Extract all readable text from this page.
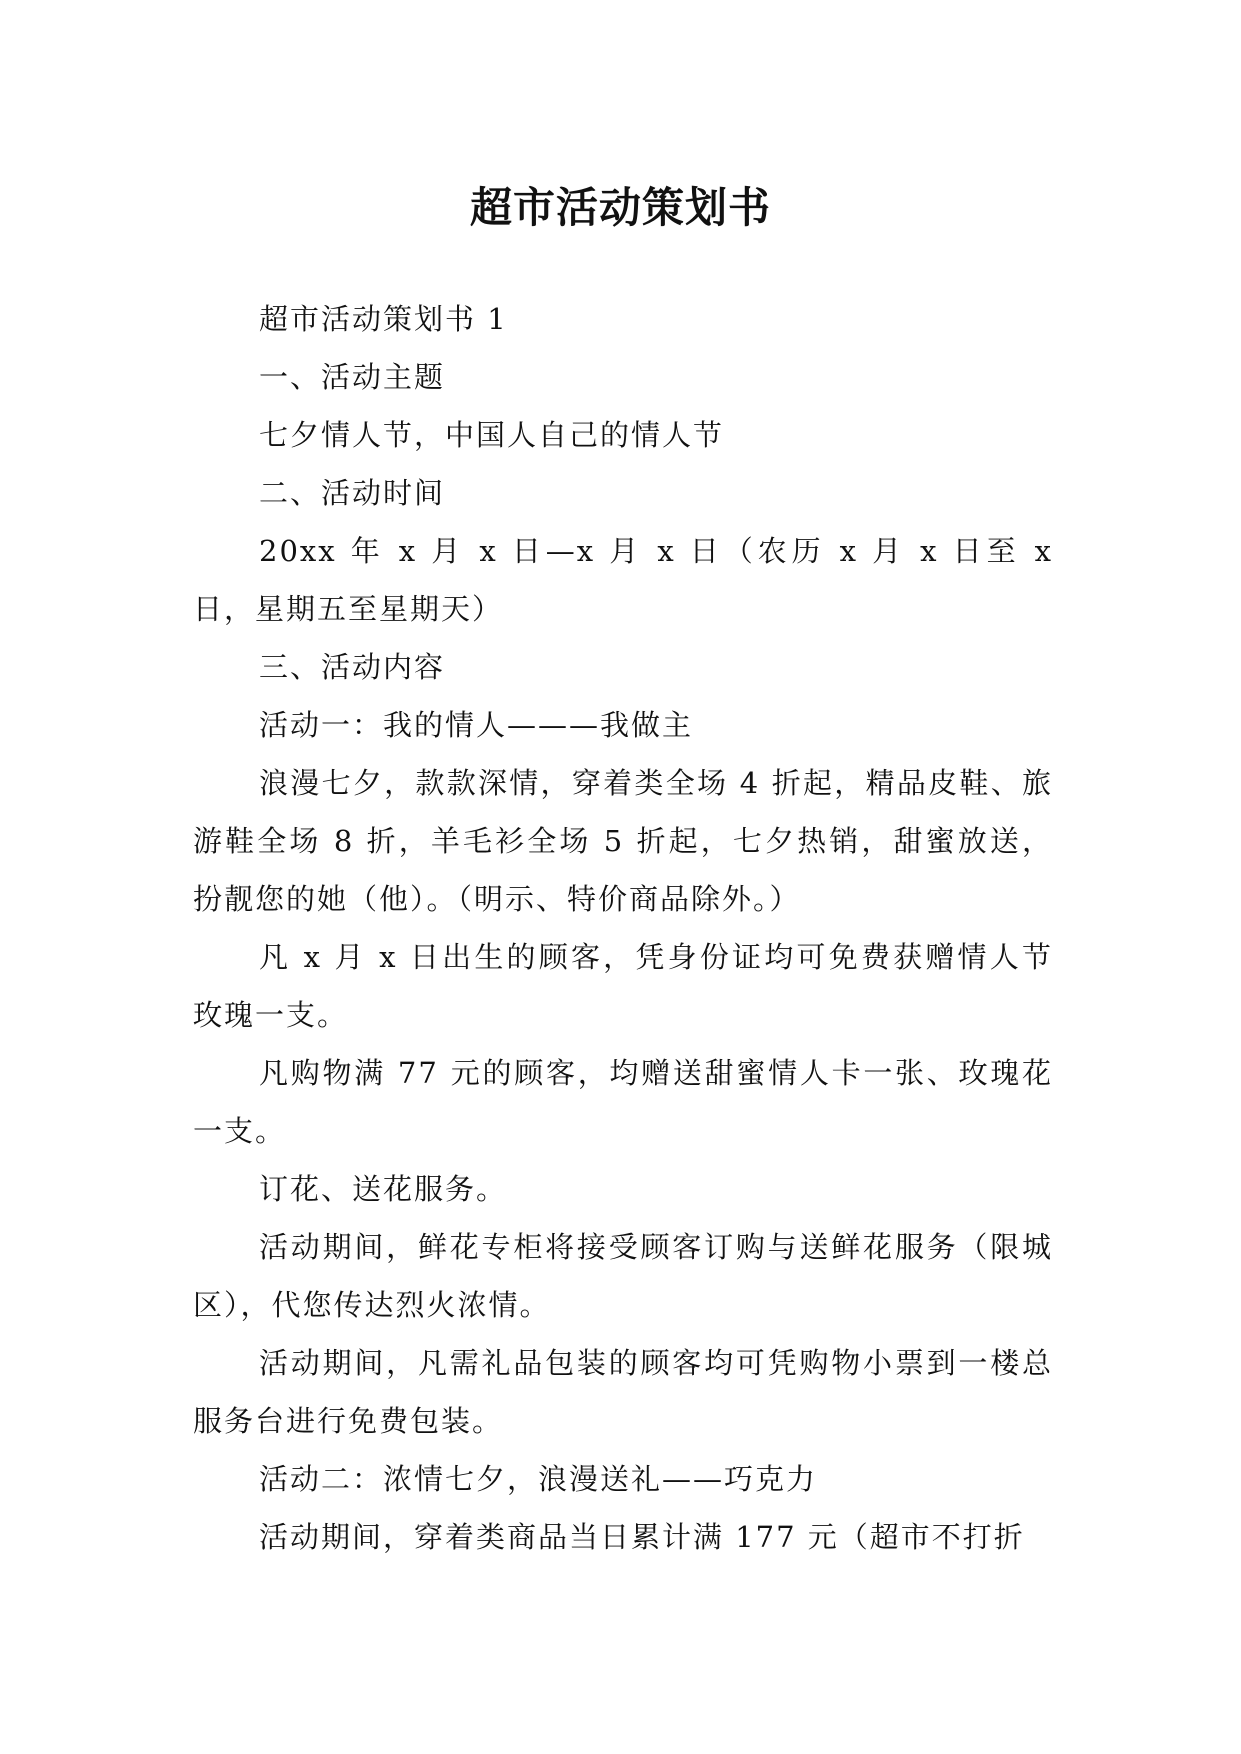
超市活动策划书

超市活动策划书 1

一、活动主题

七夕情人节，中国人自己的情人节

二、活动时间

20xx 年 x 月 x 日—x 月 x 日（农历 x 月 x 日至 x 日，星期五至星期天）

三、活动内容

活动一：我的情人———我做主

浪漫七夕，款款深情，穿着类全场 4 折起，精品皮鞋、旅游鞋全场 8 折，羊毛衫全场 5 折起，七夕热销，甜蜜放送，扮靓您的她（他）。（明示、特价商品除外。）

凡 x 月 x 日出生的顾客，凭身份证均可免费获赠情人节玫瑰一支。

凡购物满 77 元的顾客，均赠送甜蜜情人卡一张、玫瑰花一支。

订花、送花服务。

活动期间，鲜花专柜将接受顾客订购与送鲜花服务（限城区），代您传达烈火浓情。

活动期间，凡需礼品包装的顾客均可凭购物小票到一楼总服务台进行免费包装。

活动二：浓情七夕，浪漫送礼——巧克力

活动期间，穿着类商品当日累计满 177 元（超市不打折
